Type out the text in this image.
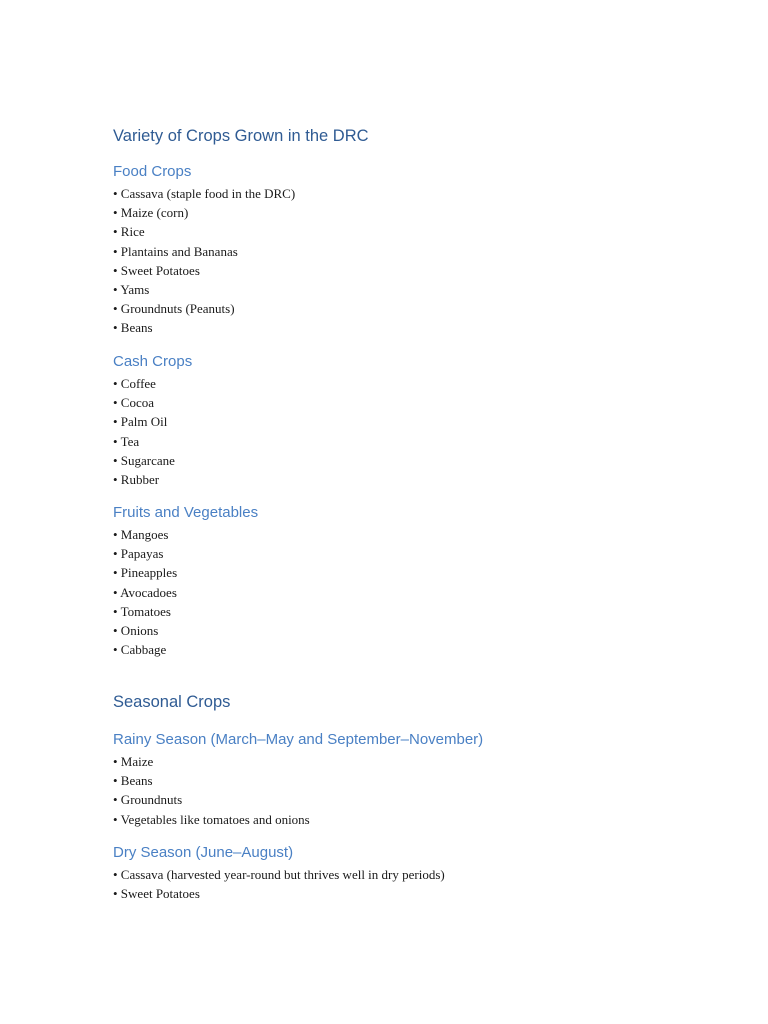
Variety of Crops Grown in the DRC
Food Crops
• Cassava (staple food in the DRC)
• Maize (corn)
• Rice
• Plantains and Bananas
• Sweet Potatoes
• Yams
• Groundnuts (Peanuts)
• Beans
Cash Crops
• Coffee
• Cocoa
• Palm Oil
• Tea
• Sugarcane
• Rubber
Fruits and Vegetables
• Mangoes
• Papayas
• Pineapples
• Avocadoes
• Tomatoes
• Onions
• Cabbage
Seasonal Crops
Rainy Season (March–May and September–November)
• Maize
• Beans
• Groundnuts
• Vegetables like tomatoes and onions
Dry Season (June–August)
• Cassava (harvested year-round but thrives well in dry periods)
• Sweet Potatoes
